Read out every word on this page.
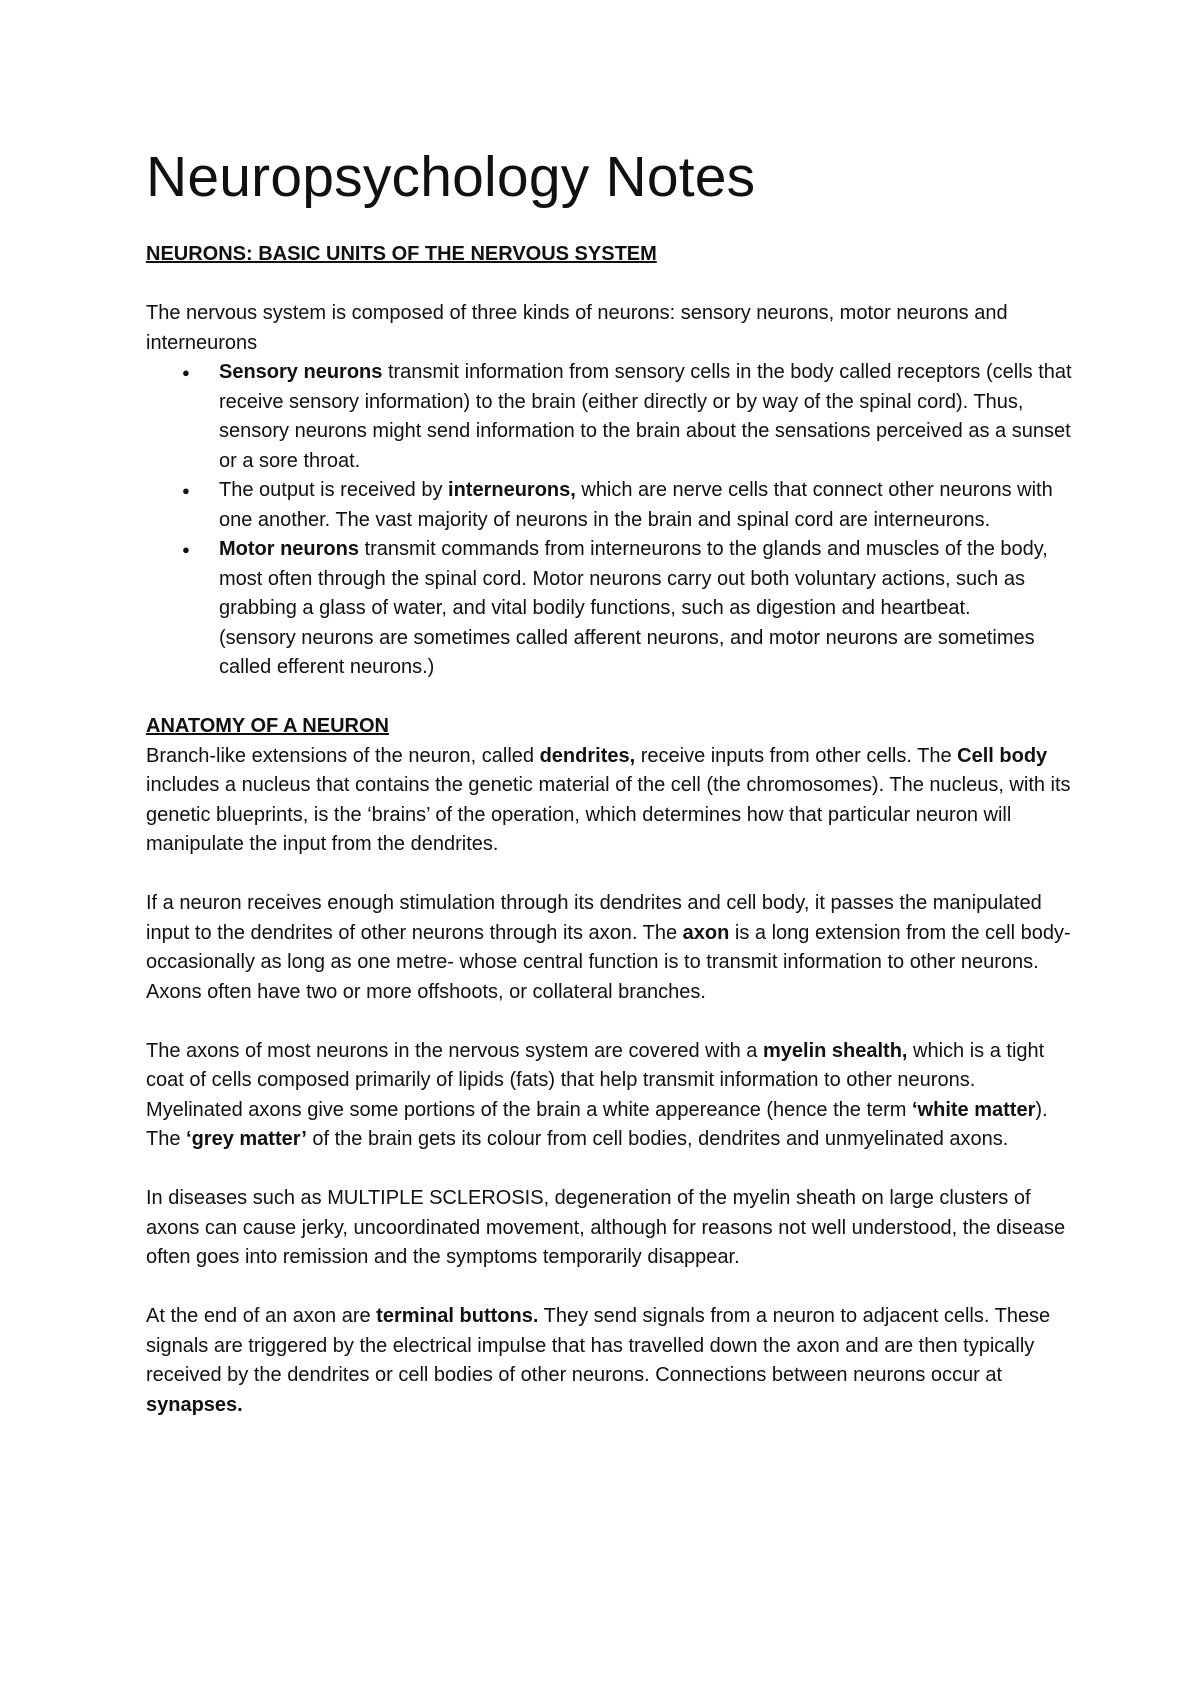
Neuropsychology Notes

NEURONS: BASIC UNITS OF THE NERVOUS SYSTEM

The nervous system is composed of three kinds of neurons: sensory neurons, motor neurons and interneurons

● Sensory neurons transmit information from sensory cells in the body called receptors (cells that receive sensory information) to the brain (either directly or by way of the spinal cord). Thus, sensory neurons might send information to the brain about the sensations perceived as a sunset or a sore throat.
● The output is received by interneurons, which are nerve cells that connect other neurons with one another. The vast majority of neurons in the brain and spinal cord are interneurons.
● Motor neurons transmit commands from interneurons to the glands and muscles of the body, most often through the spinal cord. Motor neurons carry out both voluntary actions, such as grabbing a glass of water, and vital bodily functions, such as digestion and heartbeat.

(sensory neurons are sometimes called afferent neurons, and motor neurons are sometimes called efferent neurons.)

ANATOMY OF A NEURON

Branch-like extensions of the neuron, called dendrites, receive inputs from other cells. The Cell body includes a nucleus that contains the genetic material of the cell (the chromosomes). The nucleus, with its genetic blueprints, is the ‘brains’ of the operation, which determines how that particular neuron will manipulate the input from the dendrites.

If a neuron receives enough stimulation through its dendrites and cell body, it passes the manipulated input to the dendrites of other neurons through its axon. The axon is a long extension from the cell body- occasionally as long as one metre- whose central function is to transmit information to other neurons. Axons often have two or more offshoots, or collateral branches.

The axons of most neurons in the nervous system are covered with a myelin shealth, which is a tight coat of cells composed primarily of lipids (fats) that help transmit information to other neurons. Myelinated axons give some portions of the brain a white appereance (hence the term ‘white matter). The ‘grey matter’ of the brain gets its colour from cell bodies, dendrites and unmyelinated axons.

In diseases such as MULTIPLE SCLEROSIS, degeneration of the myelin sheath on large clusters of axons can cause jerky, uncoordinated movement, although for reasons not well understood, the disease often goes into remission and the symptoms temporarily disappear.

At the end of an axon are terminal buttons. They send signals from a neuron to adjacent cells. These signals are triggered by the electrical impulse that has travelled down the axon and are then typically received by the dendrites or cell bodies of other neurons. Connections between neurons occur at synapses.
